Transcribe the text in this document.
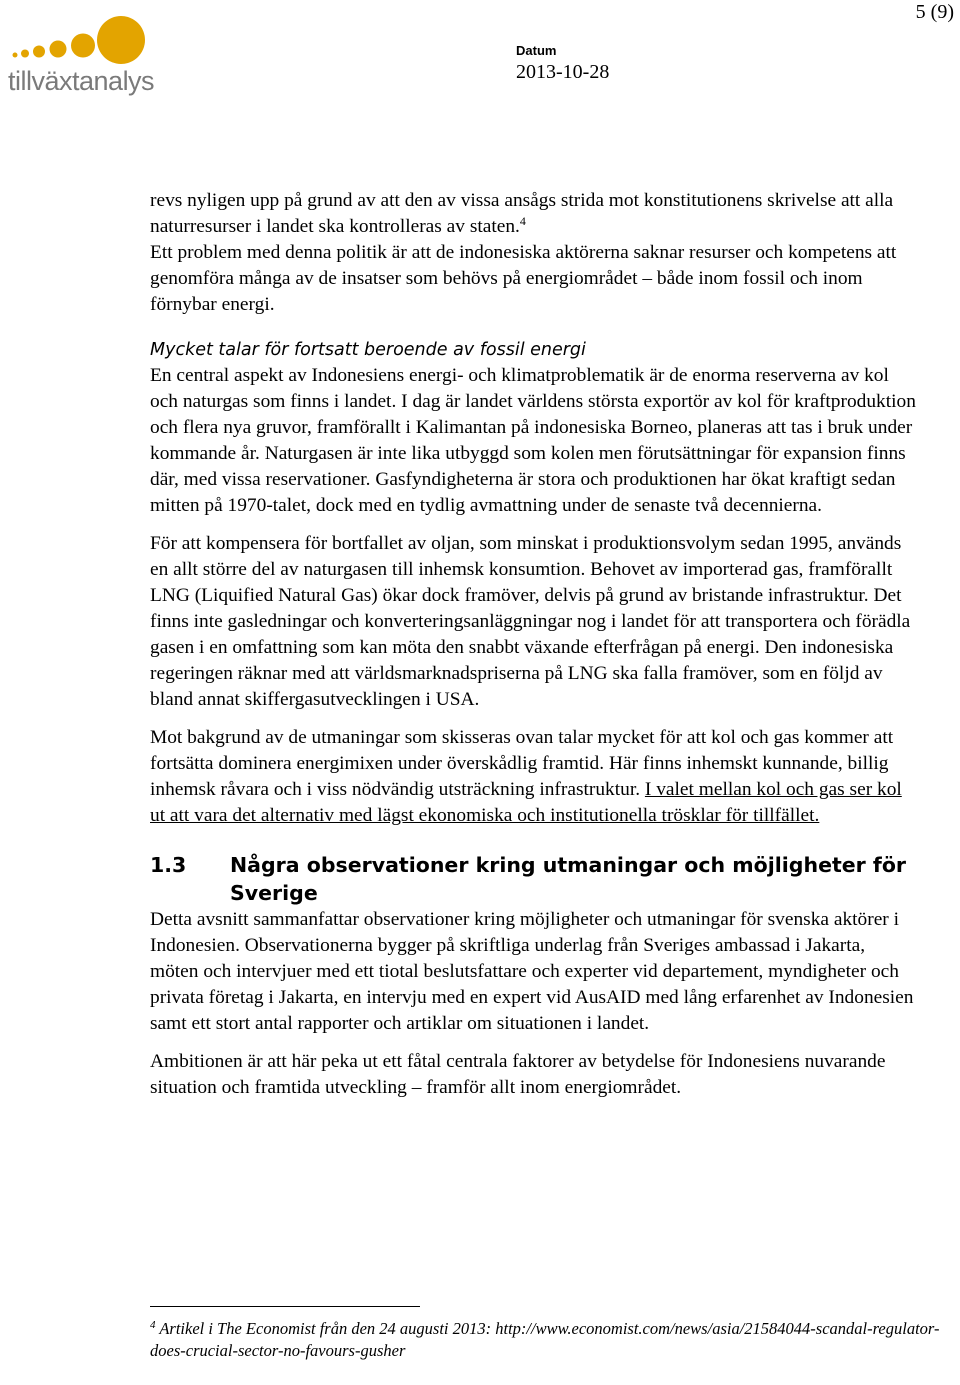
5 (9)
tillväxtanalys
Datum
2013-10-28

revs nyligen upp på grund av att den av vissa ansågs strida mot konstitutionens skrivelse att alla naturresurser i landet ska kontrolleras av staten.$^4$

Ett problem med denna politik är att de indonesiska aktörerna saknar resurser och kompetens att genomföra många av de insatser som behövs på energiområdet – både inom fossil och inom förnybar energi.

Mycket talar för fortsatt beroende av fossil energi

En central aspekt av Indonesiens energi- och klimatproblematik är de enorma reserverna av kol och naturgas som finns i landet. I dag är landet världens största exportör av kol för kraftproduktion och flera nya gruvor, framförallt i Kalimantan på indonesiska Borneo, planeras att tas i bruk under kommande år. Naturgasen är inte lika utbyggd som kolen men förutsättningar för expansion finns där, med vissa reservationer. Gasfyndigheterna är stora och produktionen har ökat kraftigt sedan mitten på 1970-talet, dock med en tydlig avmattning under de senaste två decennierna.

För att kompensera för bortfallet av oljan, som minskat i produktionsvolym sedan 1995, används en allt större del av naturgasen till inhemsk konsumtion. Behovet av importerad gas, framförallt LNG (Liquified Natural Gas) ökar dock framöver, delvis på grund av bristande infrastruktur. Det finns inte gasledningar och konverteringsanläggningar nog i landet för att transportera och förädla gasen i en omfattning som kan möta den snabbt växande efterfrågan på energi. Den indonesiska regeringen räknar med att världsmarknadspriserna på LNG ska falla framöver, som en följd av bland annat skiffergasutvecklingen i USA.

Mot bakgrund av de utmaningar som skisseras ovan talar mycket för att kol och gas kommer att fortsätta dominera energimixen under överskådlig framtid. Här finns inhemskt kunnande, billig inhemsk råvara och i viss nödvändig utsträckning infrastruktur. I valet mellan kol och gas ser kol ut att vara det alternativ med lägst ekonomiska och institutionella trösklar för tillfället.

1.3	Några observationer kring utmaningar och möjligheter för Sverige

Detta avsnitt sammanfattar observationer kring möjligheter och utmaningar för svenska aktörer i Indonesien. Observationerna bygger på skriftliga underlag från Sveriges ambassad i Jakarta, möten och intervjuer med ett tiotal beslutsfattare och experter vid departement, myndigheter och privata företag i Jakarta, en intervju med en expert vid AusAID med lång erfarenhet av Indonesien samt ett stort antal rapporter och artiklar om situationen i landet.

Ambitionen är att här peka ut ett fåtal centrala faktorer av betydelse för Indonesiens nuvarande situation och framtida utveckling – framför allt inom energiområdet.

$^4$ Artikel i The Economist från den 24 augusti 2013: http://www.economist.com/news/asia/21584044-scandal-regulator-does-crucial-sector-no-favours-gusher
